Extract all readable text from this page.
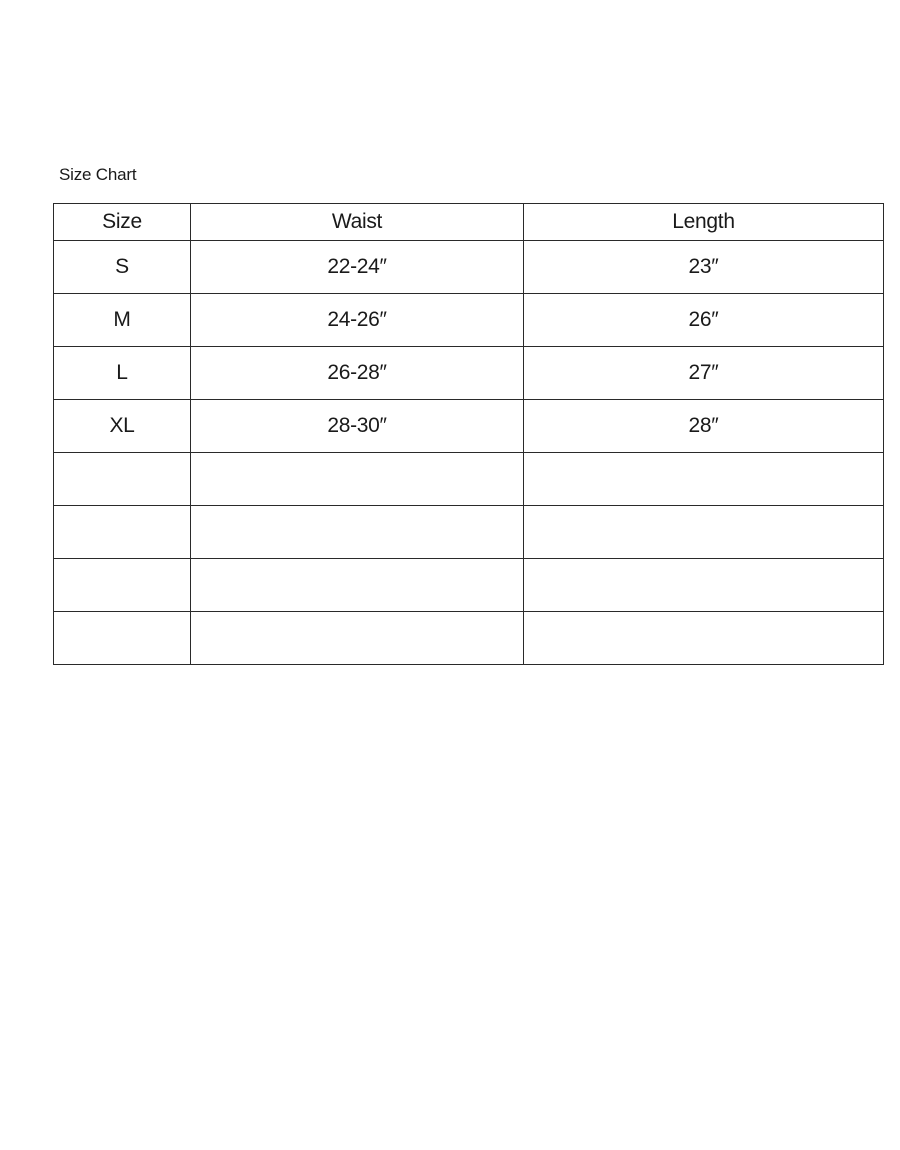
Size Chart
Size	Waist	Length
S	22-24″	23″
M	24-26″	26″
L	26-28″	27″
XL	28-30″	28″
